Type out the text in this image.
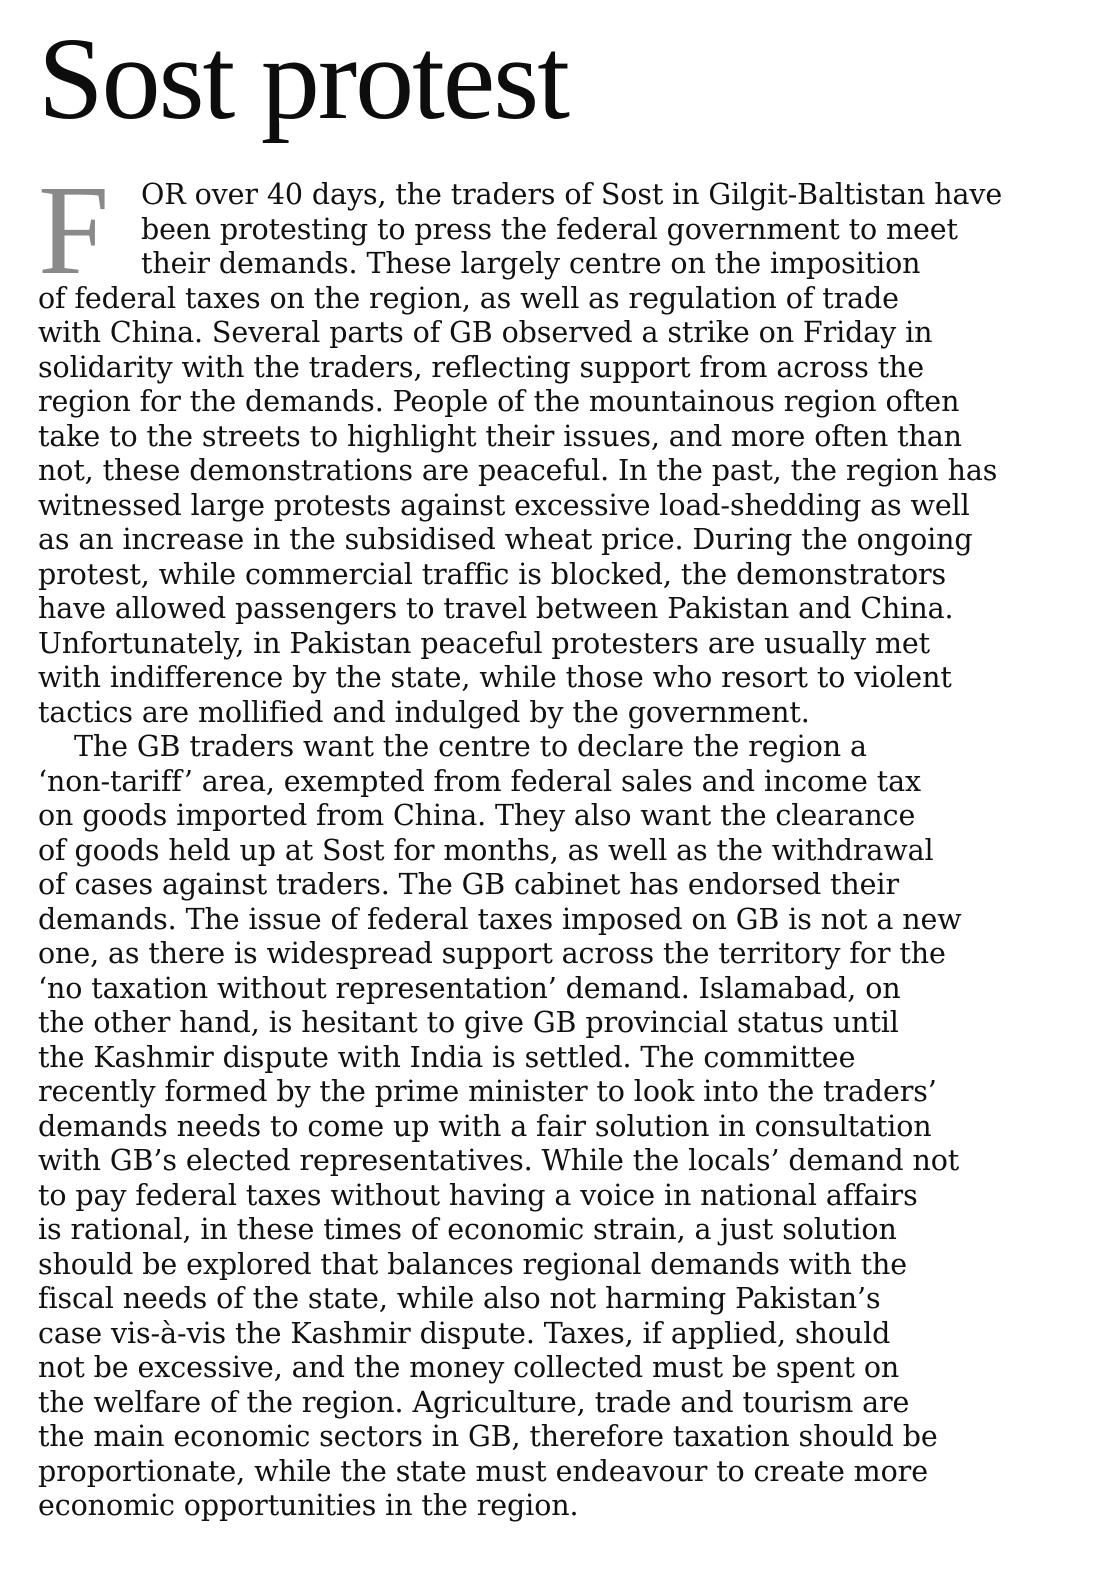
Sost protest
F	OR over 40 days, the traders of Sost in Gilgit-Baltistan have
been protesting to press the federal government to meet
their demands. These largely centre on the imposition
of federal taxes on the region, as well as regulation of trade
with China. Several parts of GB observed a strike on Friday in
solidarity with the traders, reflecting support from across the
region for the demands. People of the mountainous region often
take to the streets to highlight their issues, and more often than
not, these demonstrations are peaceful. In the past, the region has
witnessed large protests against excessive load-shedding as well
as an increase in the subsidised wheat price. During the ongoing
protest, while commercial traffic is blocked, the demonstrators
have allowed passengers to travel between Pakistan and China.
Unfortunately, in Pakistan peaceful protesters are usually met
with indifference by the state, while those who resort to violent
tactics are mollified and indulged by the government.
The GB traders want the centre to declare the region a
‘non-tariff’ area, exempted from federal sales and income tax
on goods imported from China. They also want the clearance
of goods held up at Sost for months, as well as the withdrawal
of cases against traders. The GB cabinet has endorsed their
demands. The issue of federal taxes imposed on GB is not a new
one, as there is widespread support across the territory for the
‘no taxation without representation’ demand. Islamabad, on
the other hand, is hesitant to give GB provincial status until
the Kashmir dispute with India is settled. The committee
recently formed by the prime minister to look into the traders’
demands needs to come up with a fair solution in consultation
with GB’s elected representatives. While the locals’ demand not
to pay federal taxes without having a voice in national affairs
is rational, in these times of economic strain, a just solution
should be explored that balances regional demands with the
fiscal needs of the state, while also not harming Pakistan’s
case vis-à-vis the Kashmir dispute. Taxes, if applied, should
not be excessive, and the money collected must be spent on
the welfare of the region. Agriculture, trade and tourism are
the main economic sectors in GB, therefore taxation should be
proportionate, while the state must endeavour to create more
economic opportunities in the region.
